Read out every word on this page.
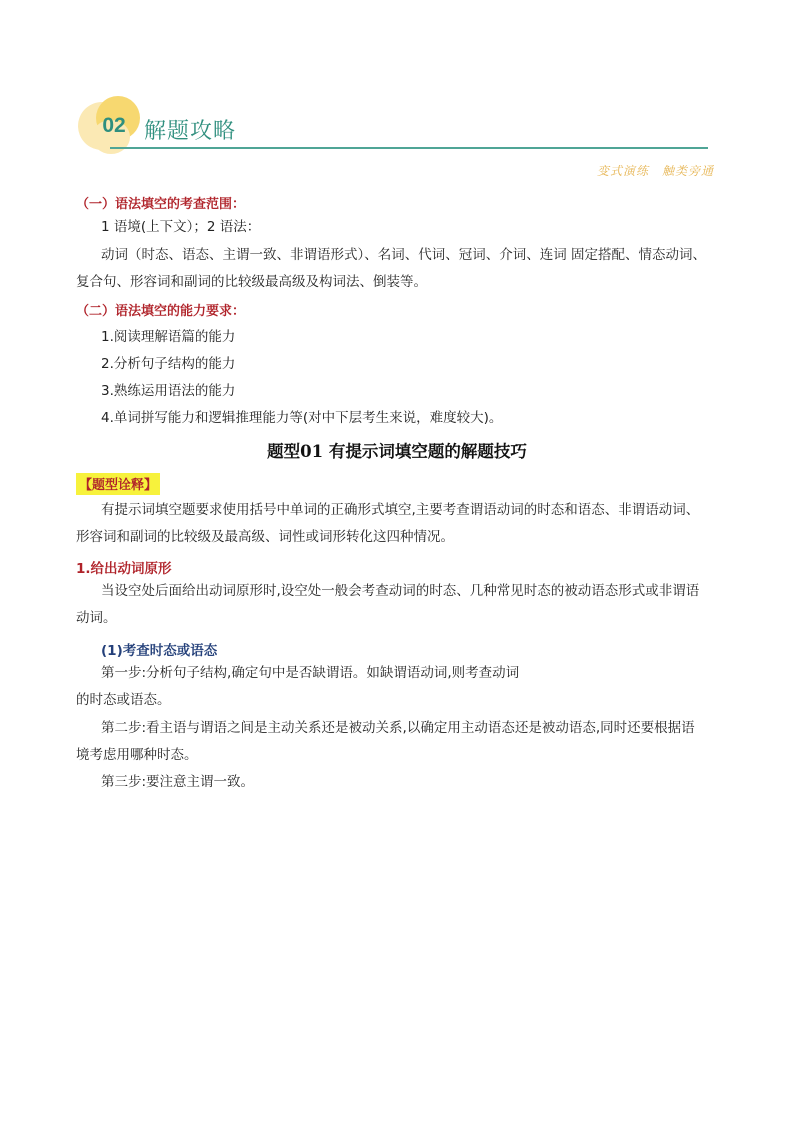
02 解题攻略
变式演练　触类旁通
（一）语法填空的考查范围：
1 语境(上下文）；2 语法：
动词（时态、语态、主谓一致、非谓语形式）、名词、代词、冠词、介词、连词 固定搭配、情态动词、
复合句、形容词和副词的比较级最高级及构词法、倒装等。
（二）语法填空的能力要求：
1.阅读理解语篇的能力
2.分析句子结构的能力
3.熟练运用语法的能力
4.单词拼写能力和逻辑推理能力等(对中下层考生来说，难度较大)。
题型01 有提示词填空题的解题技巧
【题型诠释】
有提示词填空题要求使用括号中单词的正确形式填空,主要考查谓语动词的时态和语态、非谓语动词、
形容词和副词的比较级及最高级、词性或词形转化这四种情况。
1.给出动词原形
当设空处后面给出动词原形时,设空处一般会考查动词的时态、几种常见时态的被动语态形式或非谓语
动词。
(1)考查时态或语态
第一步:分析句子结构,确定句中是否缺谓语。如缺谓语动词,则考查动词
的时态或语态。
第二步:看主语与谓语之间是主动关系还是被动关系,以确定用主动语态还是被动语态,同时还要根据语
境考虑用哪种时态。
第三步:要注意主谓一致。
